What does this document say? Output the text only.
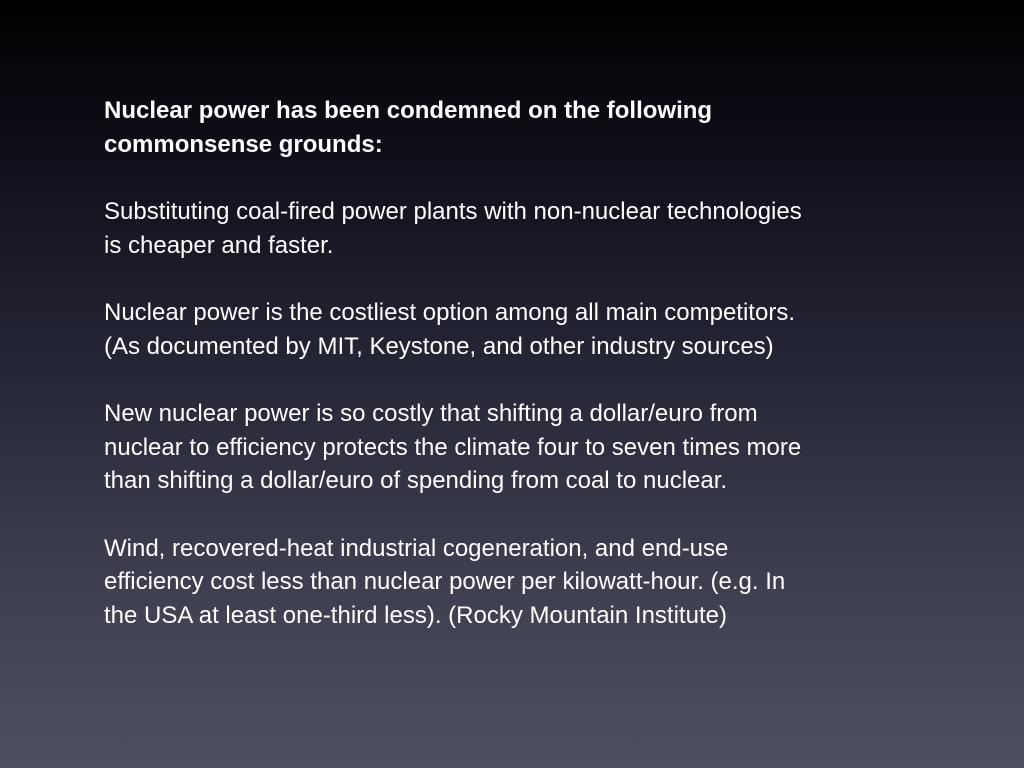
Nuclear power has been condemned on the following
commonsense grounds:

Substituting coal-fired power plants with non-nuclear technologies
is cheaper and faster.

Nuclear power is the costliest option among all main competitors.
(As documented by MIT, Keystone, and other industry sources)

New nuclear power is so costly that shifting a dollar/euro from
nuclear to efficiency protects the climate four to seven times more
than shifting a dollar/euro of spending from coal to nuclear.

Wind, recovered-heat industrial cogeneration, and end-use
efficiency cost less than nuclear power per kilowatt-hour. (e.g. In
the USA at least one-third less). (Rocky Mountain Institute)
